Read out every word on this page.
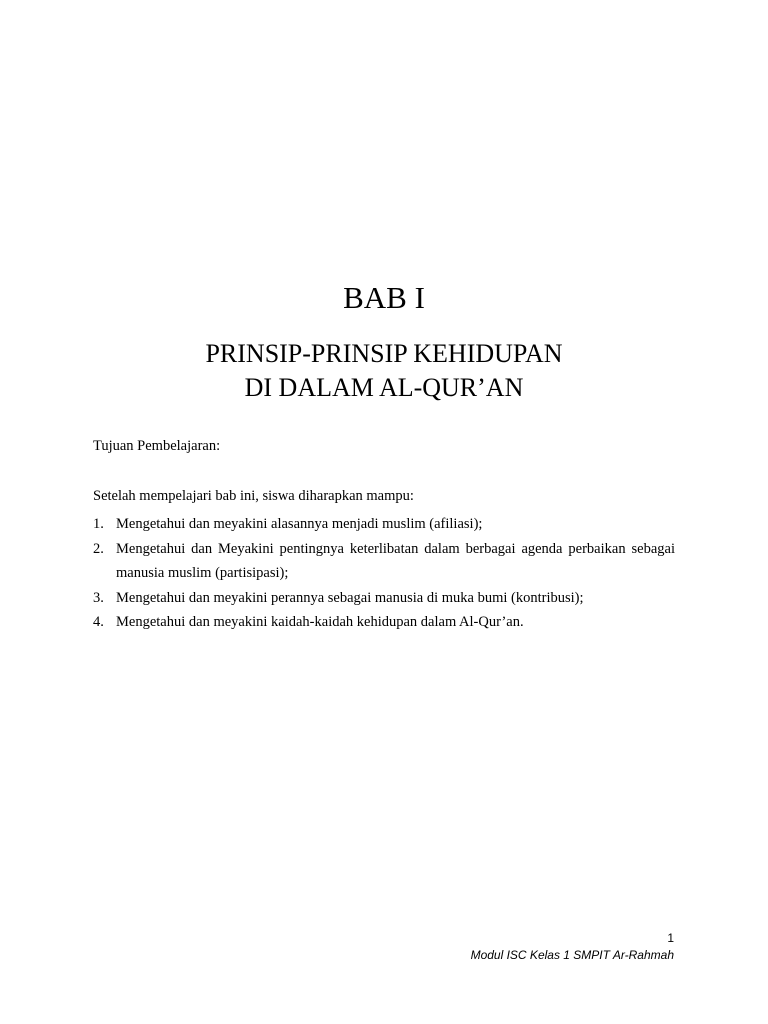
BAB I
PRINSIP-PRINSIP KEHIDUPAN
DI DALAM AL-QUR’AN
Tujuan Pembelajaran:
Setelah mempelajari bab ini, siswa diharapkan mampu:
1. Mengetahui dan meyakini alasannya menjadi muslim (afiliasi);
2. Mengetahui dan Meyakini pentingnya keterlibatan dalam berbagai agenda perbaikan sebagai manusia muslim (partisipasi);
3. Mengetahui dan meyakini perannya sebagai manusia di muka bumi (kontribusi);
4. Mengetahui dan meyakini kaidah-kaidah kehidupan dalam Al-Qur’an.
1
Modul ISC Kelas 1 SMPIT Ar-Rahmah
